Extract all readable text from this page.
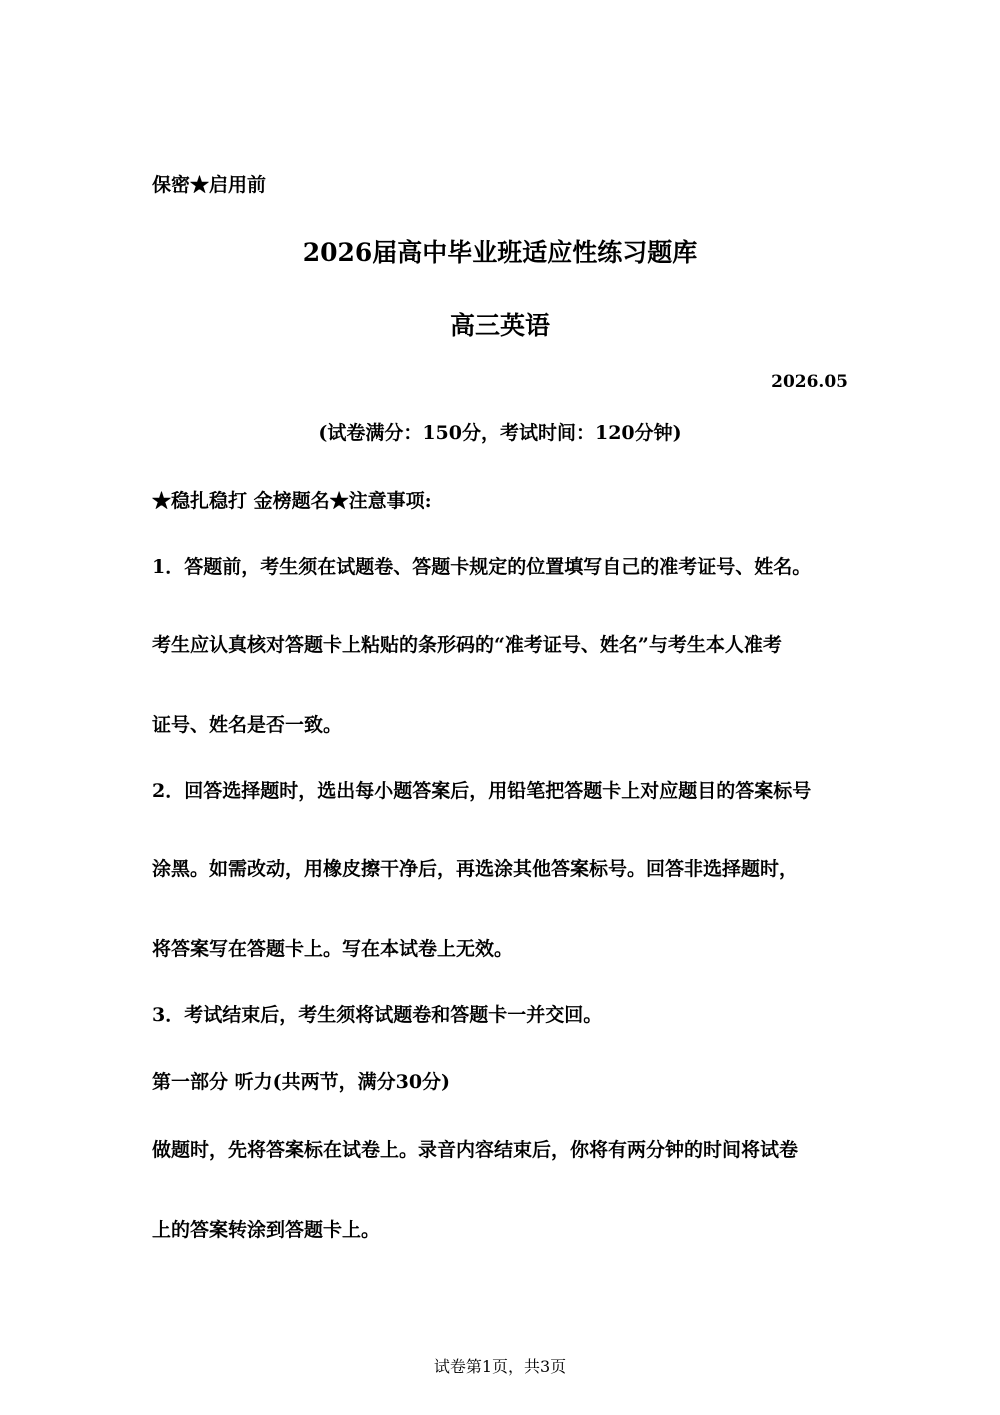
保密★启用前
2026届高中毕业班适应性练习题库
高三英语
2026.05
(试卷满分：150分，考试时间：120分钟)
★稳扎稳打 金榜题名★注意事项:
1．答题前，考生须在试题卷、答题卡规定的位置填写自己的准考证号、姓名。
考生应认真核对答题卡上粘贴的条形码的“准考证号、姓名”与考生本人准考
证号、姓名是否一致。
2．回答选择题时，选出每小题答案后，用铅笔把答题卡上对应题目的答案标号
涂黑。如需改动，用橡皮擦干净后，再选涂其他答案标号。回答非选择题时，
将答案写在答题卡上。写在本试卷上无效。
3．考试结束后，考生须将试题卷和答题卡一并交回。
第一部分 听力(共两节，满分30分)
做题时，先将答案标在试卷上。录音内容结束后，你将有两分钟的时间将试卷
上的答案转涂到答题卡上。
试卷第1页，共3页
